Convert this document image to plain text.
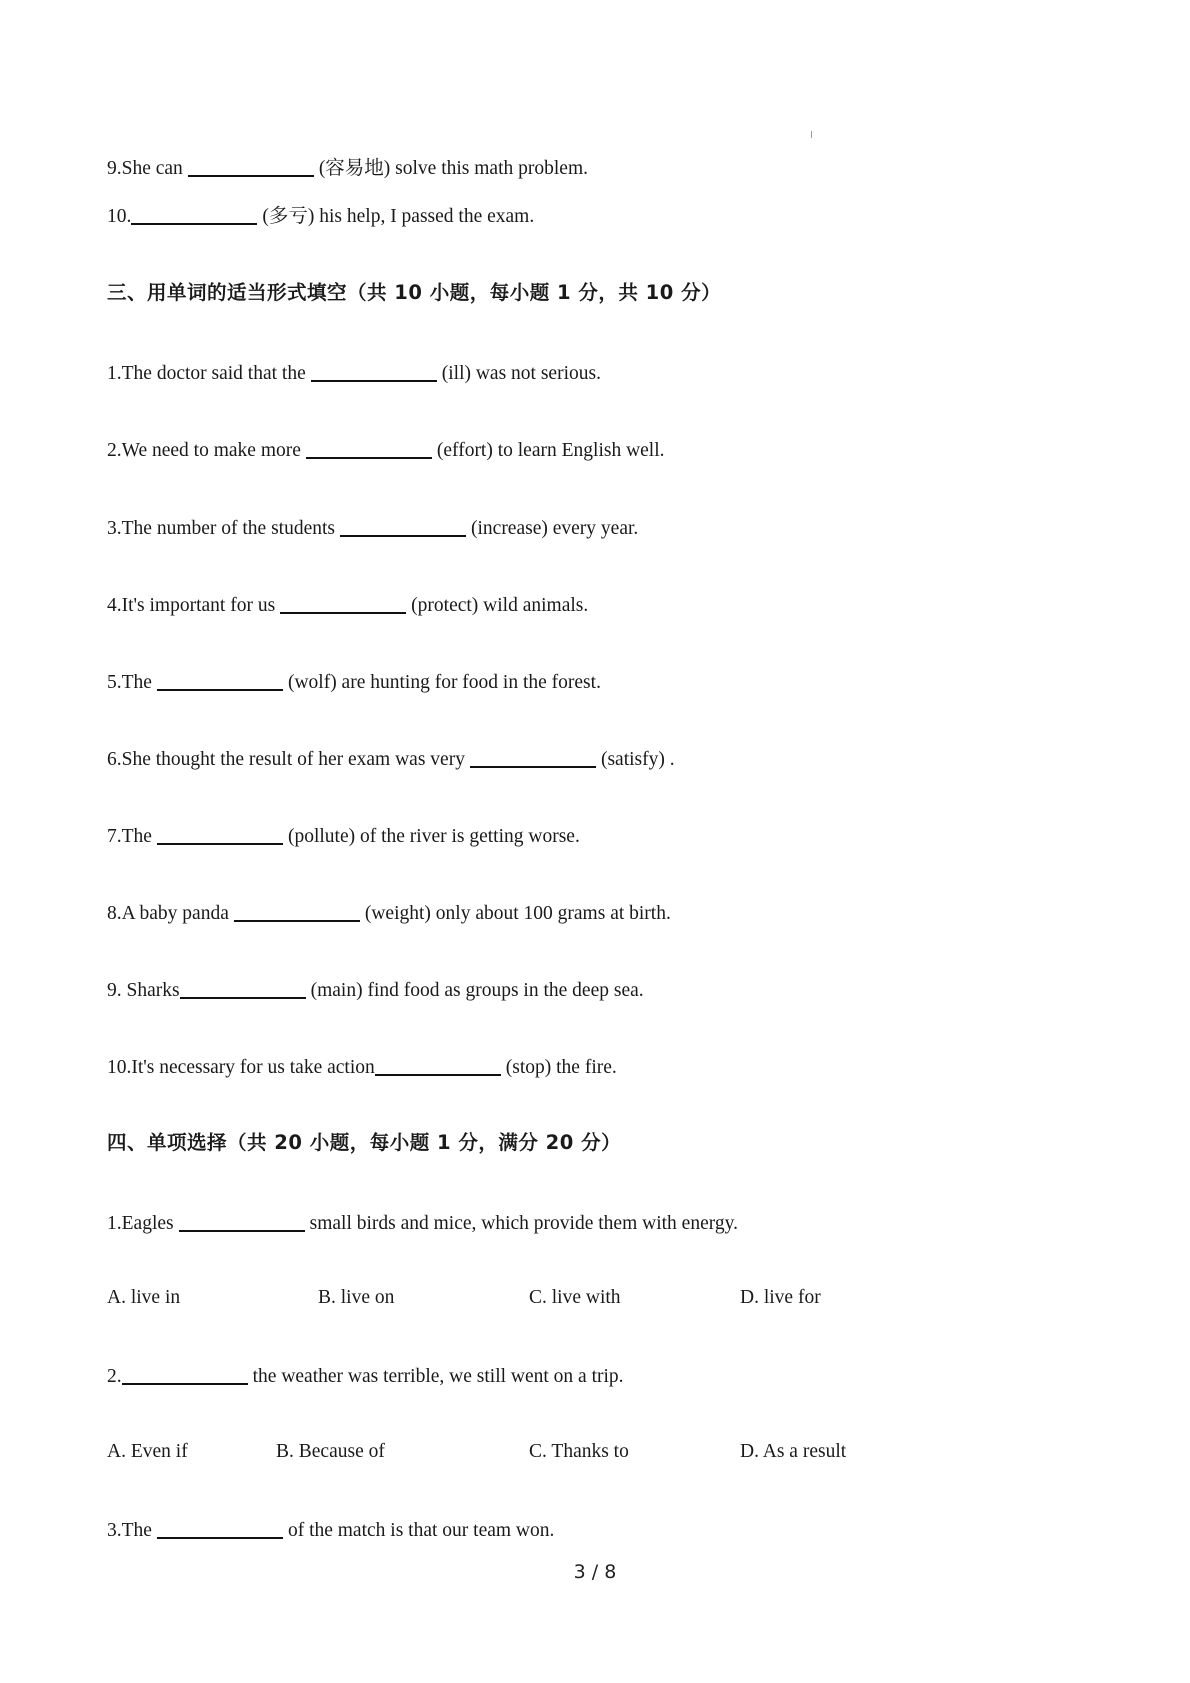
9.She can	(容易地) solve this math problem.
10.	(多亏) his help, I passed the exam.
三、用单词的适当形式填空（共 10 小题，每小题 1 分，共 10 分）
1.The doctor said that the	(ill) was not serious.
2.We need to make more	(effort) to learn English well.
3.The number of the students	(increase) every year.
4.It's important for us	(protect) wild animals.
5.The	(wolf) are hunting for food in the forest.
6.She thought the result of her exam was very	(satisfy) .
7.The	(pollute) of the river is getting worse.
8.A baby panda	(weight) only about 100 grams at birth.
9. Sharks	(main) find food as groups in the deep sea.
10.It's necessary for us take action	(stop) the fire.
四、单项选择（共 20 小题，每小题 1 分，满分 20 分）
1.Eagles	small birds and mice, which provide them with energy.
A. live in	B. live on	C. live with	D. live for
2.	the weather was terrible, we still went on a trip.
A. Even if	B. Because of	C. Thanks to	D. As a result
3.The	of the match is that our team won.
3 / 8
